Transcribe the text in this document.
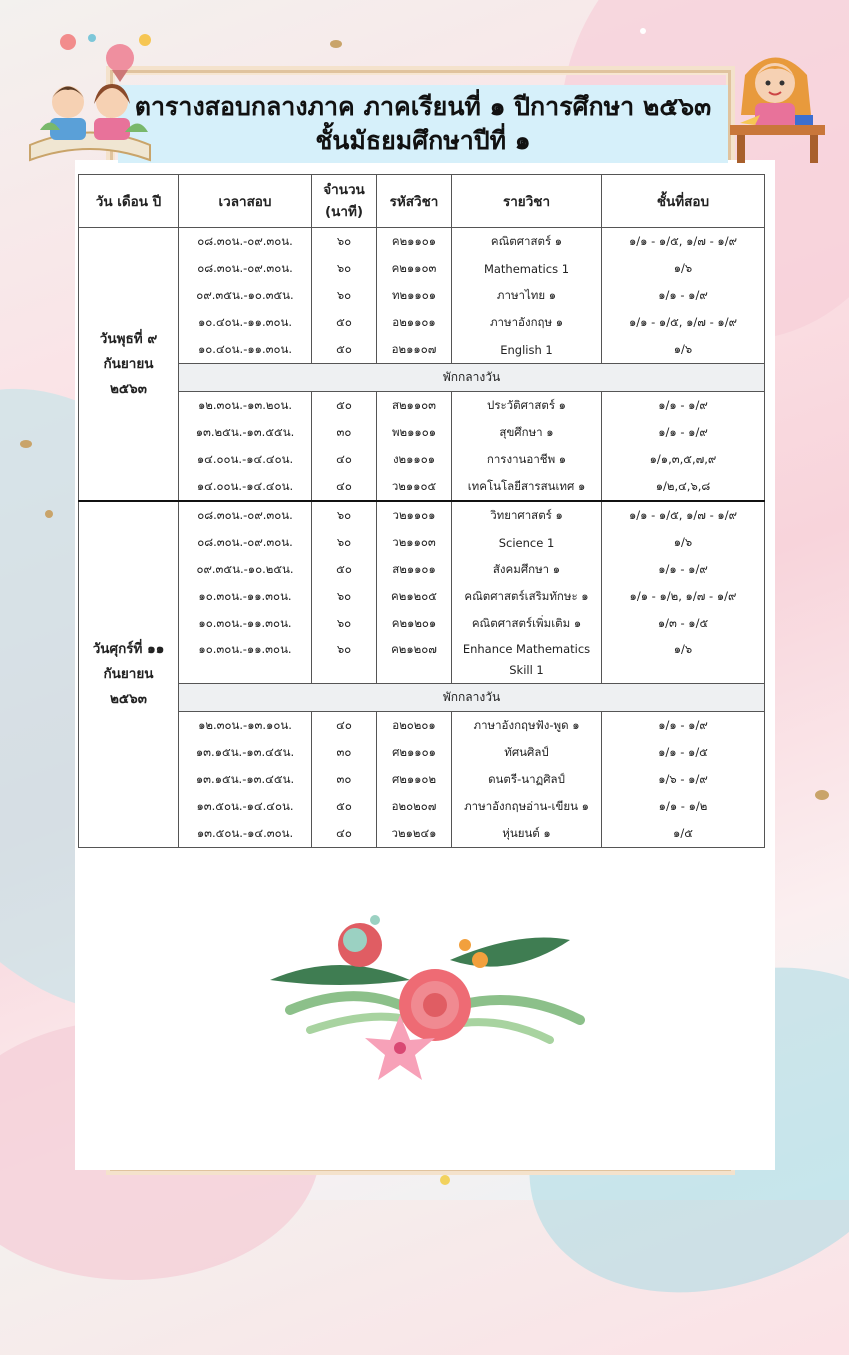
ตารางสอบกลางภาค ภาคเรียนที่ ๑ ปีการศึกษา ๒๕๖๓
ชั้นมัธยมศึกษาปีที่ ๑
วัน เดือน ปี	เวลาสอบ	จำนวน (นาที)	รหัสวิชา	รายวิชา	ชั้นที่สอบ

วันพุธที่ ๙ กันยายน ๒๕๖๓	๐๘.๓๐น.-๐๙.๓๐น.	๖๐	ค๒๑๑๐๑	คณิตศาสตร์ ๑	๑/๑ - ๑/๕, ๑/๗ - ๑/๙
	๐๘.๓๐น.-๐๙.๓๐น.	๖๐	ค๒๑๑๐๓	Mathematics 1	๑/๖
	๐๙.๓๕น.-๑๐.๓๕น.	๖๐	ท๒๑๑๐๑	ภาษาไทย ๑	๑/๑ - ๑/๙
	๑๐.๔๐น.-๑๑.๓๐น.	๕๐	อ๒๑๑๐๑	ภาษาอังกฤษ ๑	๑/๑ - ๑/๕, ๑/๗ - ๑/๙
	๑๐.๔๐น.-๑๑.๓๐น.	๕๐	อ๒๑๑๐๗	English 1	๑/๖
	พักกลางวัน				
	๑๒.๓๐น.-๑๓.๒๐น.	๕๐	ส๒๑๑๐๓	ประวัติศาสตร์ ๑	๑/๑ - ๑/๙
	๑๓.๒๕น.-๑๓.๕๕น.	๓๐	พ๒๑๑๐๑	สุขศึกษา ๑	๑/๑ - ๑/๙
	๑๔.๐๐น.-๑๔.๔๐น.	๔๐	ง๒๑๑๐๑	การงานอาชีพ ๑	๑/๑,๓,๕,๗,๙
	๑๔.๐๐น.-๑๔.๔๐น.	๔๐	ว๒๑๑๐๕	เทคโนโลยีสารสนเทศ ๑	๑/๒,๔,๖,๘

วันศุกร์ที่ ๑๑ กันยายน ๒๕๖๓	๐๘.๓๐น.-๐๙.๓๐น.	๖๐	ว๒๑๑๐๑	วิทยาศาสตร์ ๑	๑/๑ - ๑/๕, ๑/๗ - ๑/๙
	๐๘.๓๐น.-๐๙.๓๐น.	๖๐	ว๒๑๑๐๓	Science 1	๑/๖
	๐๙.๓๕น.-๑๐.๒๕น.	๕๐	ส๒๑๑๐๑	สังคมศึกษา ๑	๑/๑ - ๑/๙
	๑๐.๓๐น.-๑๑.๓๐น.	๖๐	ค๒๑๒๐๕	คณิตศาสตร์เสริมทักษะ ๑	๑/๑ - ๑/๒, ๑/๗ - ๑/๙
	๑๐.๓๐น.-๑๑.๓๐น.	๖๐	ค๒๑๒๐๑	คณิตศาสตร์เพิ่มเติม ๑	๑/๓ - ๑/๕
	๑๐.๓๐น.-๑๑.๓๐น.	๖๐	ค๒๑๒๐๗	Enhance Mathematics Skill 1	๑/๖
	พักกลางวัน				
	๑๒.๓๐น.-๑๓.๑๐น.	๔๐	อ๒๐๒๐๑	ภาษาอังกฤษฟัง-พูด ๑	๑/๑ - ๑/๙
	๑๓.๑๕น.-๑๓.๔๕น.	๓๐	ศ๒๑๑๐๑	ทัศนศิลป์	๑/๑ - ๑/๕
	๑๓.๑๕น.-๑๓.๔๕น.	๓๐	ศ๒๑๑๐๒	ดนตรี-นาฏศิลป์	๑/๖ - ๑/๙
	๑๓.๕๐น.-๑๔.๔๐น.	๕๐	อ๒๐๒๐๗	ภาษาอังกฤษอ่าน-เขียน ๑	๑/๑ - ๑/๒
	๑๓.๕๐น.-๑๔.๓๐น.	๔๐	ว๒๑๒๔๑	หุ่นยนต์ ๑	๑/๕
